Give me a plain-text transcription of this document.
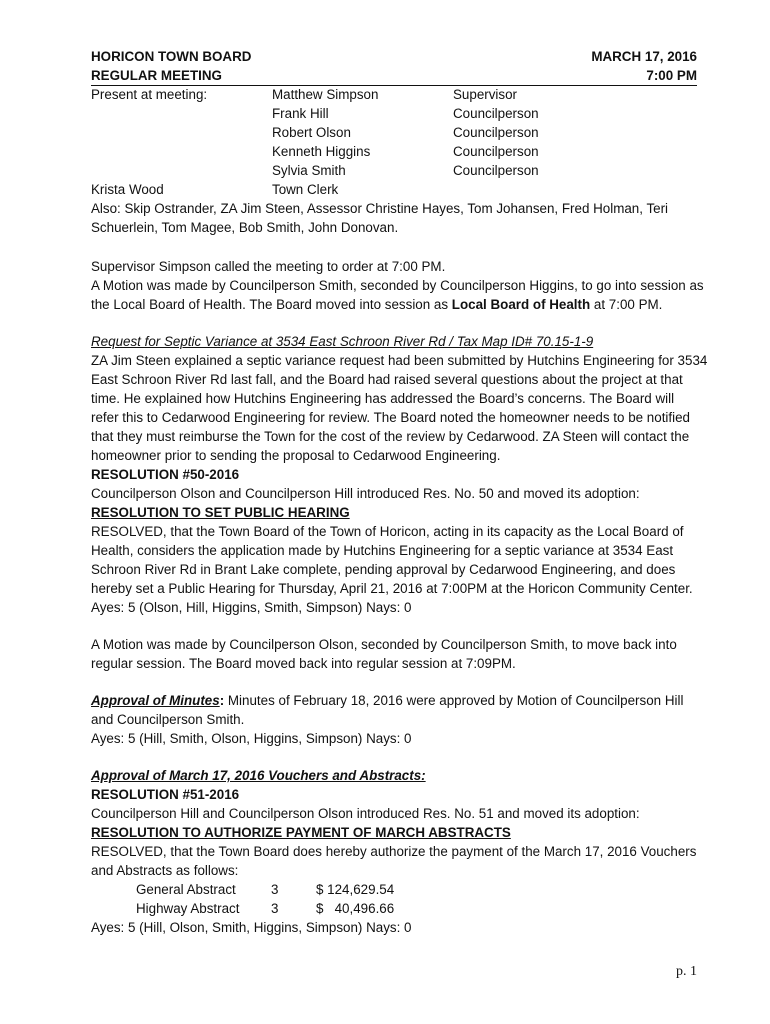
HORICON TOWN BOARD	MARCH 17, 2016
REGULAR MEETING	7:00 PM
Present at meeting:	Matthew Simpson	Supervisor
Frank Hill	Councilperson
Robert Olson	Councilperson
Kenneth Higgins	Councilperson
Sylvia Smith	Councilperson
Krista Wood	Town Clerk

Also: Skip Ostrander, ZA Jim Steen, Assessor Christine Hayes, Tom Johansen, Fred Holman, Teri

Schuerlein, Tom Magee, Bob Smith, John Donovan.

Supervisor Simpson called the meeting to order at 7:00 PM.

A Motion was made by Councilperson Smith, seconded by Councilperson Higgins, to go into session as

the Local Board of Health. The Board moved into session as Local Board of Health at 7:00 PM.

Request for Septic Variance at 3534 East Schroon River Rd / Tax Map ID# 70.15-1-9

ZA Jim Steen explained a septic variance request had been submitted by Hutchins Engineering for 3534

East Schroon River Rd last fall, and the Board had raised several questions about the project at that

time. He explained how Hutchins Engineering has addressed the Board’s concerns. The Board will

refer this to Cedarwood Engineering for review. The Board noted the homeowner needs to be notified

that they must reimburse the Town for the cost of the review by Cedarwood. ZA Steen will contact the

homeowner prior to sending the proposal to Cedarwood Engineering.

RESOLUTION #50-2016

Councilperson Olson and Councilperson Hill introduced Res. No. 50 and moved its adoption:

RESOLUTION TO SET PUBLIC HEARING

RESOLVED, that the Town Board of the Town of Horicon, acting in its capacity as the Local Board of

Health, considers the application made by Hutchins Engineering for a septic variance at 3534 East

Schroon River Rd in Brant Lake complete, pending approval by Cedarwood Engineering, and does

hereby set a Public Hearing for Thursday, April 21, 2016 at 7:00PM at the Horicon Community Center.

Ayes: 5 (Olson, Hill, Higgins, Smith, Simpson) Nays: 0

A Motion was made by Councilperson Olson, seconded by Councilperson Smith, to move back into

regular session. The Board moved back into regular session at 7:09PM.

Approval of Minutes: Minutes of February 18, 2016 were approved by Motion of Councilperson Hill

and Councilperson Smith.

Ayes: 5 (Hill, Smith, Olson, Higgins, Simpson) Nays: 0

Approval of March 17, 2016 Vouchers and Abstracts:

RESOLUTION #51-2016

Councilperson Hill and Councilperson Olson introduced Res. No. 51 and moved its adoption:

RESOLUTION TO AUTHORIZE PAYMENT OF MARCH ABSTRACTS

RESOLVED, that the Town Board does hereby authorize the payment of the March 17, 2016 Vouchers

and Abstracts as follows:

General Abstract	3	$ 124,629.54
Highway Abstract	3	$   40,496.66

Ayes: 5 (Hill, Olson, Smith, Higgins, Simpson) Nays: 0

p. 1
